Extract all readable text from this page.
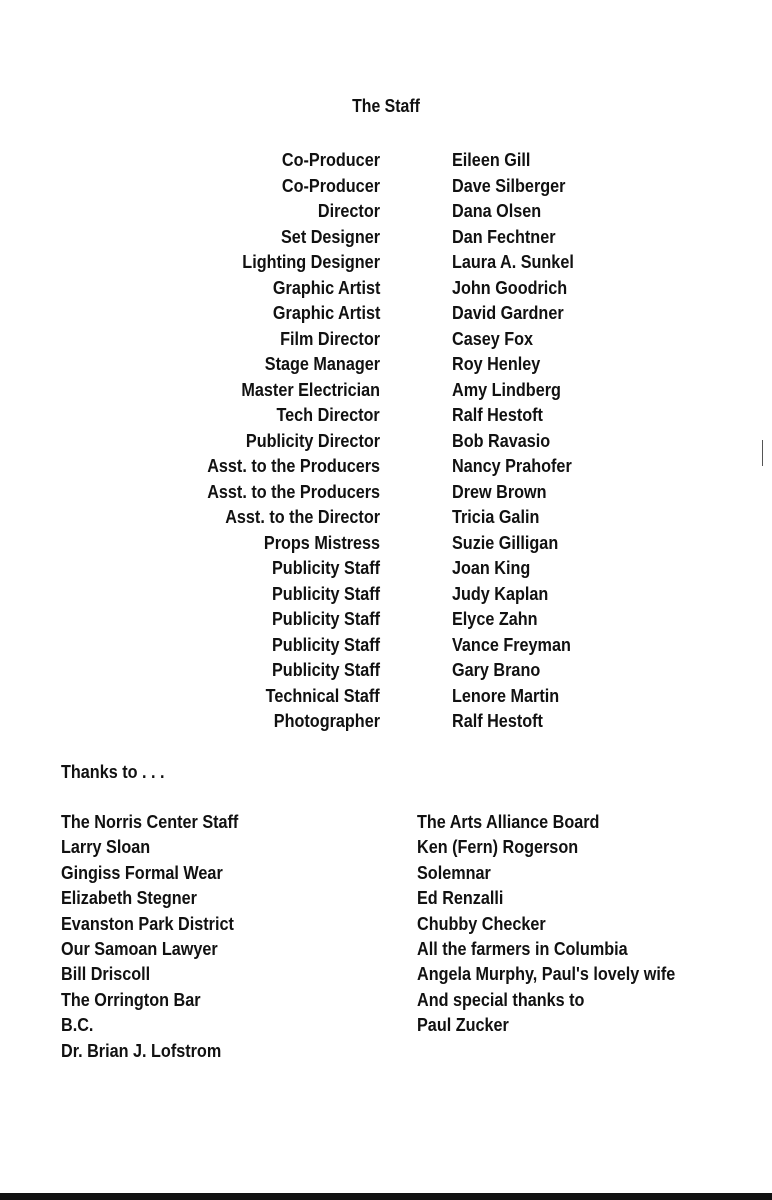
The Staff
Co-Producer	Eileen Gill
Co-Producer	Dave Silberger
Director	Dana Olsen
Set Designer	Dan Fechtner
Lighting Designer	Laura A. Sunkel
Graphic Artist	John Goodrich
Graphic Artist	David Gardner
Film Director	Casey Fox
Stage Manager	Roy Henley
Master Electrician	Amy Lindberg
Tech Director	Ralf Hestoft
Publicity Director	Bob Ravasio
Asst. to the Producers	Nancy Prahofer
Asst. to the Producers	Drew Brown
Asst. to the Director	Tricia Galin
Props Mistress	Suzie Gilligan
Publicity Staff	Joan King
Publicity Staff	Judy Kaplan
Publicity Staff	Elyce Zahn
Publicity Staff	Vance Freyman
Publicity Staff	Gary Brano
Technical Staff	Lenore Martin
Photographer	Ralf Hestoft
Thanks to . . .
The Norris Center Staff
Larry Sloan
Gingiss Formal Wear
Elizabeth Stegner
Evanston Park District
Our Samoan Lawyer
Bill Driscoll
The Orrington Bar
B.C.
Dr. Brian J. Lofstrom
The Arts Alliance Board
Ken (Fern) Rogerson
Solemnar
Ed Renzalli
Chubby Checker
All the farmers in Columbia
Angela Murphy, Paul's lovely wife
And special thanks to
Paul Zucker
